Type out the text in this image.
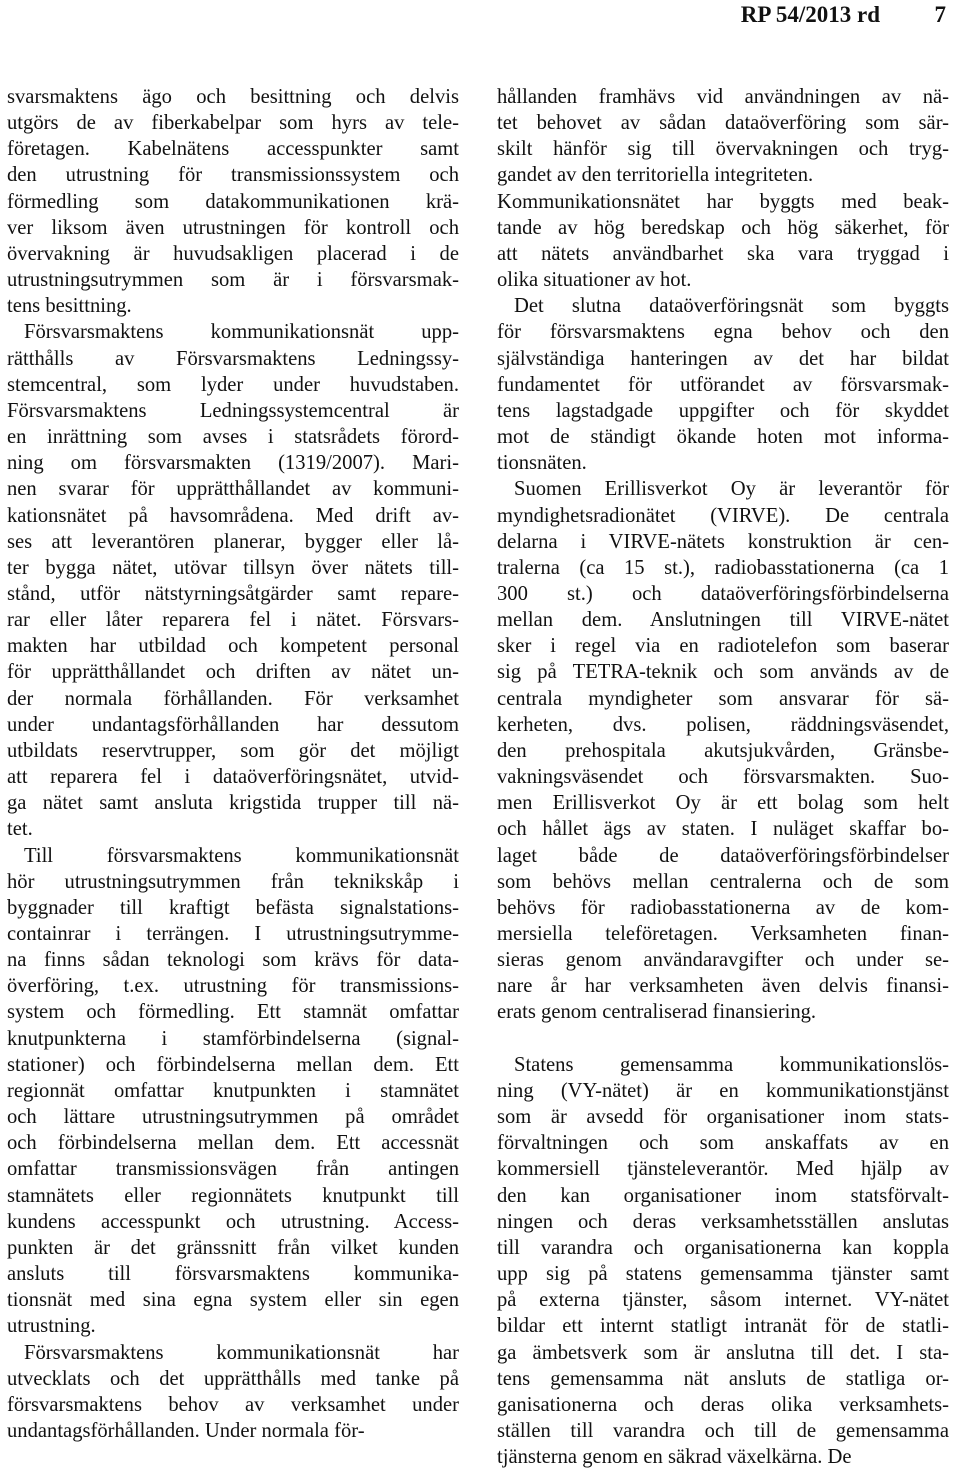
RP 54/2013 rd 7
svarsmaktens ägo och besittning och delvis
utgörs de av fiberkabelpar som hyrs av tele-
företagen. Kabelnätens accesspunkter samt
den utrustning för transmissionssystem och
förmedling som datakommunikationen krä-
ver liksom även utrustningen för kontroll och
övervakning är huvudsakligen placerad i de
utrustningsutrymmen som är i försvarsmak-
tens besittning.
Försvarsmaktens kommunikationsnät upp-
rätthålls av Försvarsmaktens Ledningssy-
stemcentral, som lyder under huvudstaben.
Försvarsmaktens Ledningssystemcentral är
en inrättning som avses i statsrådets förord-
ning om försvarsmakten (1319/2007). Mari-
nen svarar för upprätthållandet av kommuni-
kationsnätet på havsområdena. Med drift av-
ses att leverantören planerar, bygger eller lå-
ter bygga nätet, utövar tillsyn över nätets till-
stånd, utför nätstyrningsåtgärder samt repare-
rar eller låter reparera fel i nätet. Försvars-
makten har utbildad och kompetent personal
för upprätthållandet och driften av nätet un-
der normala förhållanden. För verksamhet
under undantagsförhållanden har dessutom
utbildats reservtrupper, som gör det möjligt
att reparera fel i dataöverföringsnätet, utvid-
ga nätet samt ansluta krigstida trupper till nä-
tet.
Till försvarsmaktens kommunikationsnät
hör utrustningsutrymmen från teknikskåp i
byggnader till kraftigt befästa signalstations-
containrar i terrängen. I utrustningsutrymme-
na finns sådan teknologi som krävs för data-
överföring, t.ex. utrustning för transmissions-
system och förmedling. Ett stamnät omfattar
knutpunkterna i stamförbindelserna (signal-
stationer) och förbindelserna mellan dem. Ett
regionnät omfattar knutpunkten i stamnätet
och lättare utrustningsutrymmen på området
och förbindelserna mellan dem. Ett accessnät
omfattar transmissionsvägen från antingen
stamnätets eller regionnätets knutpunkt till
kundens accesspunkt och utrustning. Access-
punkten är det gränssnitt från vilket kunden
ansluts till försvarsmaktens kommunika-
tionsnät med sina egna system eller sin egen
utrustning.
Försvarsmaktens kommunikationsnät har
utvecklats och det upprätthålls med tanke på
försvarsmaktens behov av verksamhet under
undantagsförhållanden. Under normala för-
hållanden framhävs vid användningen av nä-
tet behovet av sådan dataöverföring som sär-
skilt hänför sig till övervakningen och tryg-
gandet av den territoriella integriteten.
Kommunikationsnätet har byggts med beak-
tande av hög beredskap och hög säkerhet, för
att nätets användbarhet ska vara tryggad i
olika situationer av hot.
Det slutna dataöverföringsnät som byggts
för försvarsmaktens egna behov och den
självständiga hanteringen av det har bildat
fundamentet för utförandet av försvarsmak-
tens lagstadgade uppgifter och för skyddet
mot de ständigt ökande hoten mot informa-
tionsnäten.
Suomen Erillisverkot Oy är leverantör för
myndighetsradionätet (VIRVE). De centrala
delarna i VIRVE-nätets konstruktion är cen-
tralerna (ca 15 st.), radiobasstationerna (ca 1
300 st.) och dataöverföringsförbindelserna
mellan dem. Anslutningen till VIRVE-nätet
sker i regel via en radiotelefon som baserar
sig på TETRA-teknik och som används av de
centrala myndigheter som ansvarar för sä-
kerheten, dvs. polisen, räddningsväsendet,
den prehospitala akutsjukvården, Gränsbe-
vakningsväsendet och försvarsmakten. Suo-
men Erillisverkot Oy är ett bolag som helt
och hållet ägs av staten. I nuläget skaffar bo-
laget både de dataöverföringsförbindelser
som behövs mellan centralerna och de som
behövs för radiobasstationerna av de kom-
mersiella teleföretagen. Verksamheten finan-
sieras genom användaravgifter och under se-
nare år har verksamheten även delvis finansi-
erats genom centraliserad finansiering.

Statens gemensamma kommunikationslös-
ning (VY-nätet) är en kommunikationstjänst
som är avsedd för organisationer inom stats-
förvaltningen och som anskaffats av en
kommersiell tjänsteleverantör. Med hjälp av
den kan organisationer inom statsförvalt-
ningen och deras verksamhetsställen anslutas
till varandra och organisationerna kan koppla
upp sig på statens gemensamma tjänster samt
på externa tjänster, såsom internet. VY-nätet
bildar ett internt statligt intranät för de statli-
ga ämbetsverk som är anslutna till det. I sta-
tens gemensamma nät ansluts de statliga or-
ganisationerna och deras olika verksamhets-
ställen till varandra och till de gemensamma
tjänsterna genom en säkrad växelkärna. De
